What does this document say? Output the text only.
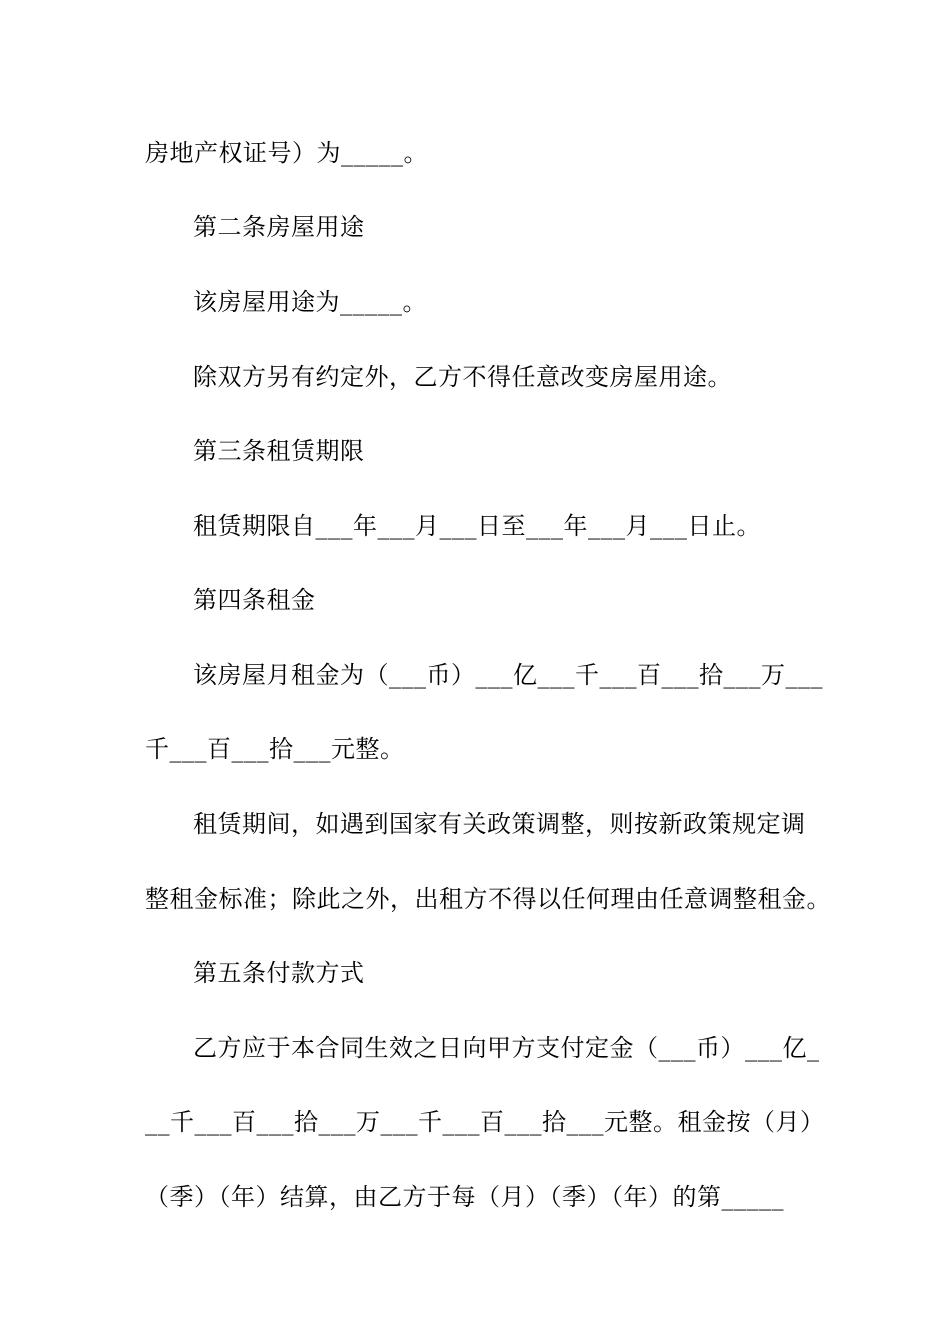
房地产权证号）为_____。
第二条房屋用途
该房屋用途为_____。
除双方另有约定外，乙方不得任意改变房屋用途。
第三条租赁期限
租赁期限自___年___月___日至___年___月___日止。
第四条租金
该房屋月租金为（___币）___亿___千___百___拾___万___
千___百___拾___元整。
租赁期间，如遇到国家有关政策调整，则按新政策规定调
整租金标准；除此之外，出租方不得以任何理由任意调整租金。
第五条付款方式
乙方应于本合同生效之日向甲方支付定金（___币）___亿_
__千___百___拾___万___千___百___拾___元整。租金按（月）
（季）（年）结算，由乙方于每（月）（季）（年）的第_____
